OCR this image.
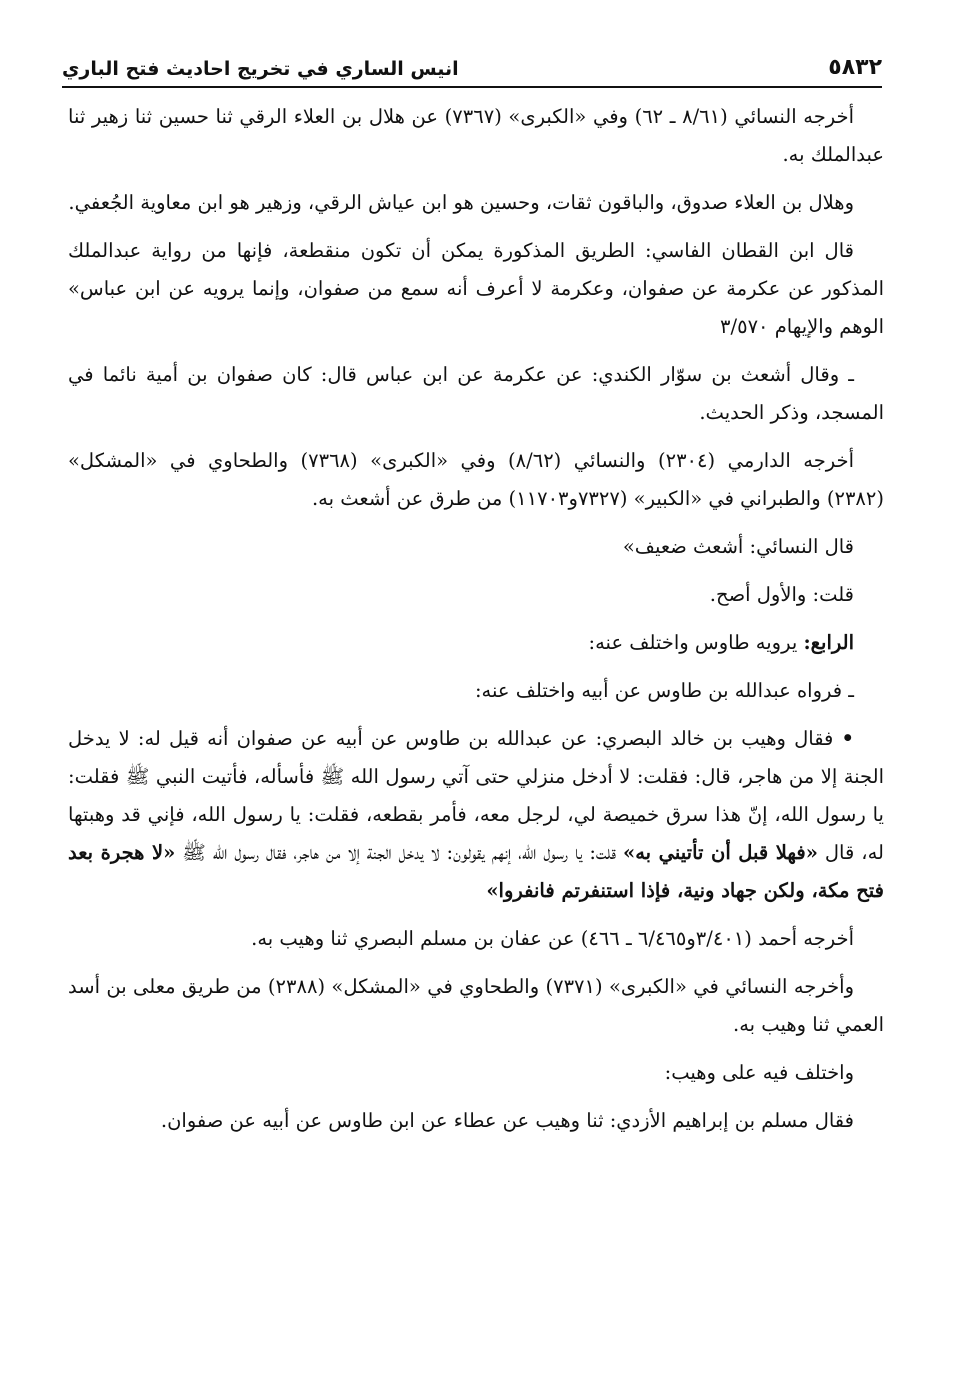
٥٨٣٢
انيس الساري في تخريج احاديث فتح الباري

أخرجه النسائي (٨/٦١ ـ ٦٢) وفي «الكبرى» (٧٣٦٧) عن هلال بن العلاء الرقي ثنا حسين ثنا زهير ثنا عبدالملك به.

وهلال بن العلاء صدوق، والباقون ثقات، وحسين هو ابن عياش الرقي، وزهير هو ابن معاوية الجُعفي.

قال ابن القطان الفاسي: الطريق المذكورة يمكن أن تكون منقطعة، فإنها من رواية عبدالملك المذكور عن عكرمة عن صفوان، وعكرمة لا أعرف أنه سمع من صفوان، وإنما يرويه عن ابن عباس» الوهم والإيهام ٣/٥٧٠

ـ وقال أشعث بن سوّار الكندي: عن عكرمة عن ابن عباس قال: كان صفوان بن أمية نائما في المسجد، وذكر الحديث.

أخرجه الدارمي (٢٣٠٤) والنسائي (٨/٦٢) وفي «الكبرى» (٧٣٦٨) والطحاوي في «المشكل» (٢٣٨٢) والطبراني في «الكبير» (٧٣٢٧و١١٧٠٣) من طرق عن أشعث به.

قال النسائي: أشعث ضعيف»

قلت: والأول أصح.

الرابع: يرويه طاوس واختلف عنه:

ـ فرواه عبدالله بن طاوس عن أبيه واختلف عنه:

• فقال وهيب بن خالد البصري: عن عبدالله بن طاوس عن أبيه عن صفوان أنه قيل له: لا يدخل الجنة إلا من هاجر، قال: فقلت: لا أدخل منزلي حتى آتي رسول الله ﷺ فأسأله، فأتيت النبي ﷺ فقلت: يا رسول الله، إنّ هذا سرق خميصة لي، لرجل معه، فأمر بقطعه، فقلت: يا رسول الله، فإني قد وهبتها له، قال «فهلا قبل أن تأتيني به» قلت: يا رسول الله، إنهم يقولون: لا يدخل الجنة إلا من هاجر، فقال رسول الله ﷺ «لا هجرة بعد فتح مكة، ولكن جهاد ونية، فإذا استنفرتم فانفروا»

أخرجه أحمد (٣/٤٠١و٦/٤٦٥ ـ ٤٦٦) عن عفان بن مسلم البصري ثنا وهيب به.

وأخرجه النسائي في «الكبرى» (٧٣٧١) والطحاوي في «المشكل» (٢٣٨٨) من طريق معلى بن أسد العمي ثنا وهيب به.

واختلف فيه على وهيب:

فقال مسلم بن إبراهيم الأزدي: ثنا وهيب عن عطاء عن ابن طاوس عن أبيه عن صفوان.
